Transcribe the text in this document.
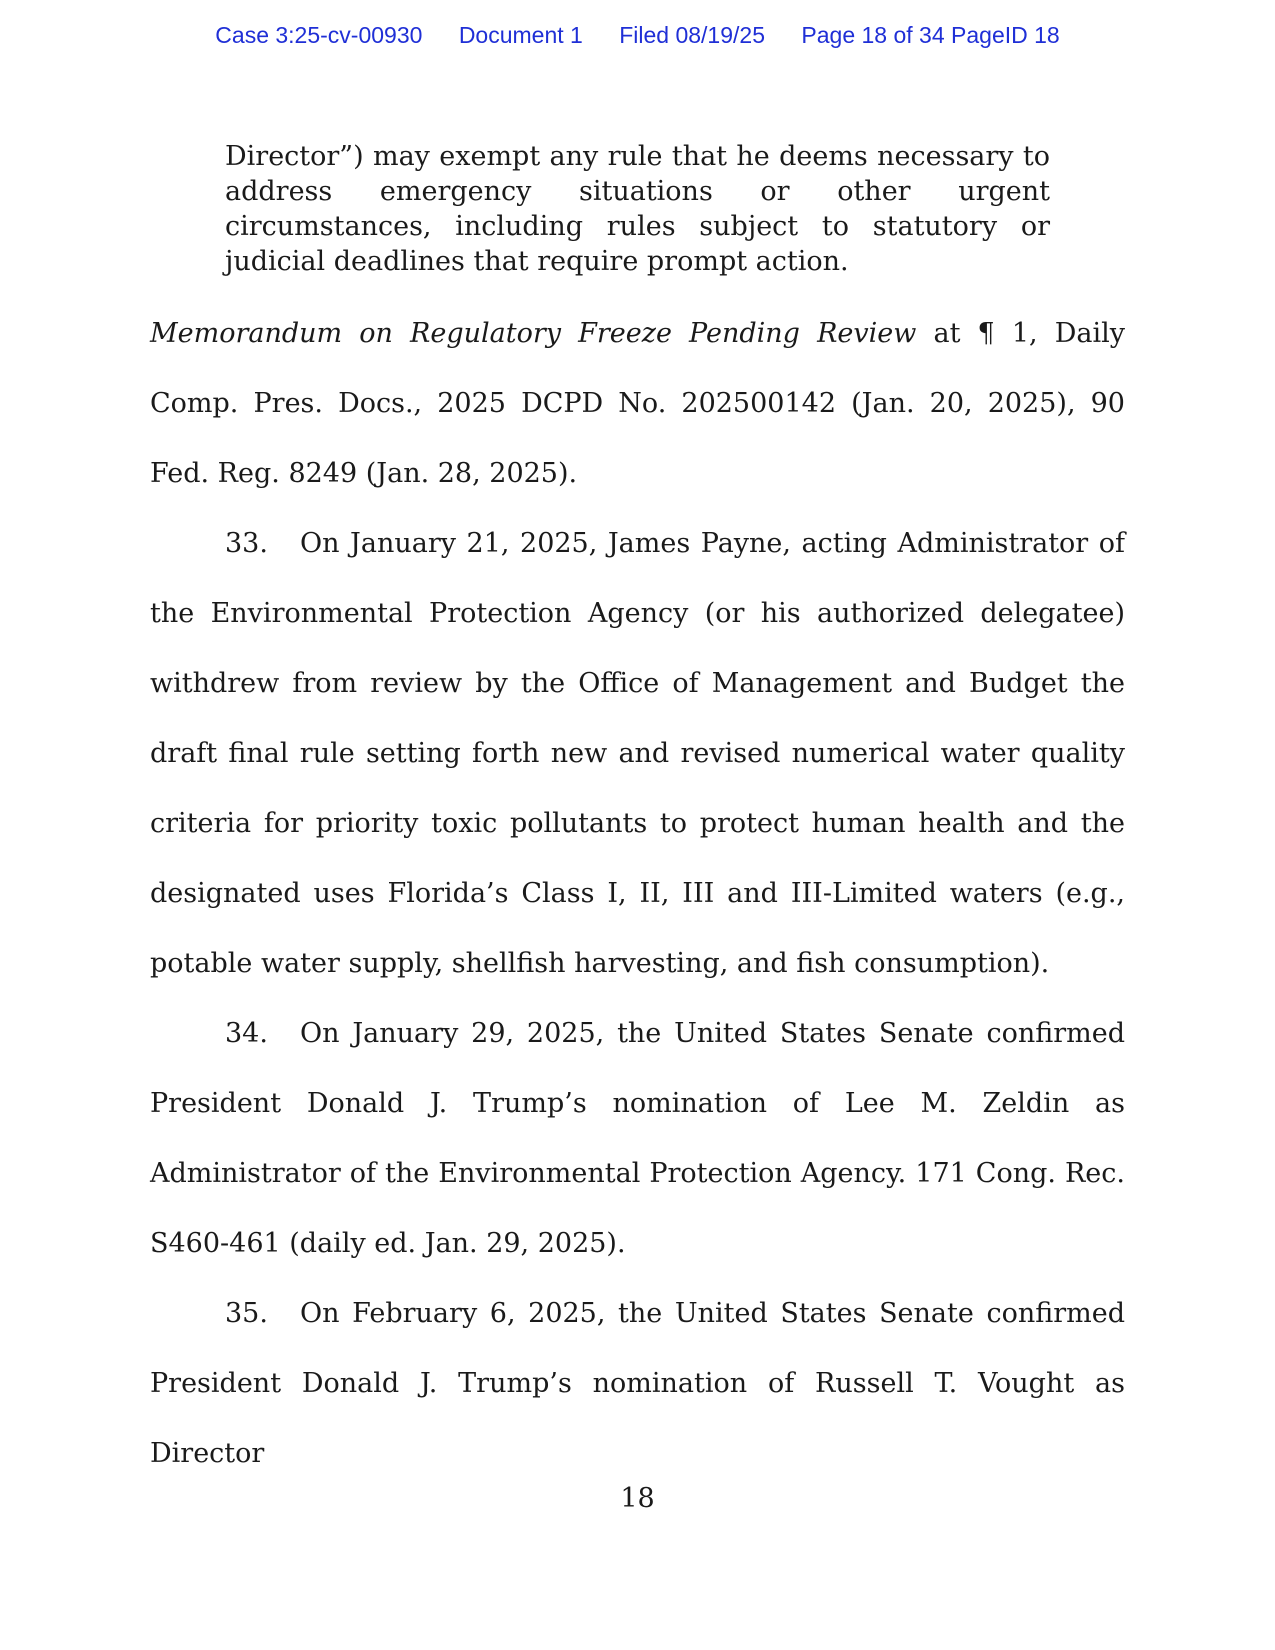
Case 3:25-cv-00930 Document 1 Filed 08/19/25 Page 18 of 34 PageID 18

Director”) may exempt any rule that he deems necessary to address emergency situations or other urgent circumstances, including rules subject to statutory or judicial deadlines that require prompt action.

Memorandum on Regulatory Freeze Pending Review at ¶ 1, Daily Comp. Pres. Docs., 2025 DCPD No. 202500142 (Jan. 20, 2025), 90 Fed. Reg. 8249 (Jan. 28, 2025).

33. On January 21, 2025, James Payne, acting Administrator of the Environmental Protection Agency (or his authorized delegatee) withdrew from review by the Office of Management and Budget the draft final rule setting forth new and revised numerical water quality criteria for priority toxic pollutants to protect human health and the designated uses Florida’s Class I, II, III and III-Limited waters (e.g., potable water supply, shellfish harvesting, and fish consumption).

34. On January 29, 2025, the United States Senate confirmed President Donald J. Trump’s nomination of Lee M. Zeldin as Administrator of the Environmental Protection Agency. 171 Cong. Rec. S460-461 (daily ed. Jan. 29, 2025).

35. On February 6, 2025, the United States Senate confirmed President Donald J. Trump’s nomination of Russell T. Vought as Director

18
